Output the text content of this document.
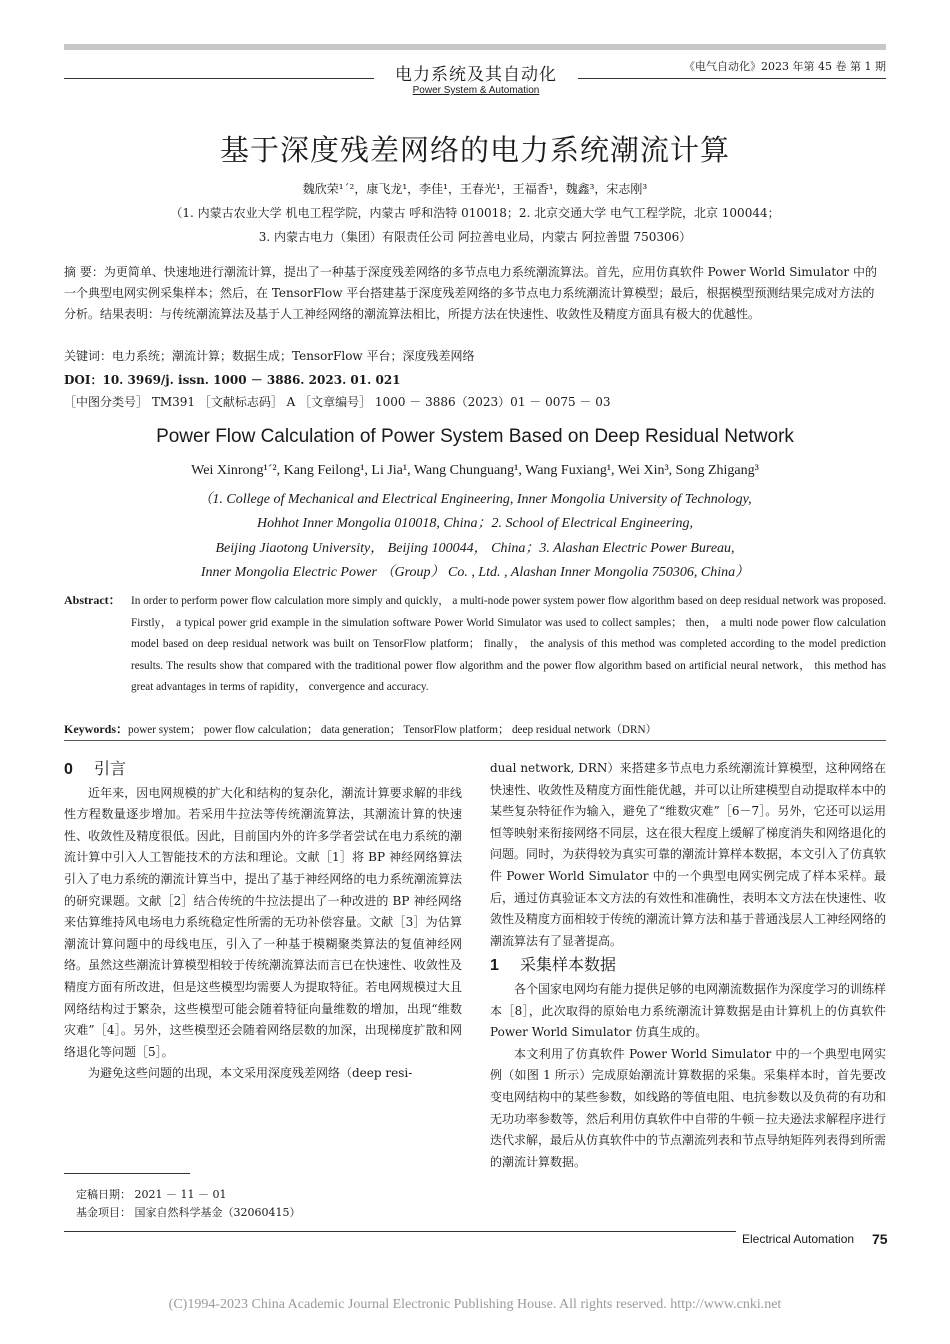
电力系统及其自动化
Power System & Automation
《电气自动化》2023 年第 45 卷 第 1 期
基于深度残差网络的电力系统潮流计算
魏欣荣¹ˊ²，康飞龙¹，李佳¹，王春光¹，王福香¹，魏鑫³，宋志刚³
（1. 内蒙古农业大学 机电工程学院，内蒙古 呼和浩特 010018；2. 北京交通大学 电气工程学院，北京 100044；
3. 内蒙古电力（集团）有限责任公司 阿拉善电业局，内蒙古 阿拉善盟 750306）
摘 要：为更简单、快速地进行潮流计算，提出了一种基于深度残差网络的多节点电力系统潮流算法。首先，应用仿真软件 Power World Simulator 中的一个典型电网实例采集样本；然后，在 TensorFlow 平台搭建基于深度残差网络的多节点电力系统潮流计算模型；最后，根据模型预测结果完成对方法的分析。结果表明：与传统潮流算法及基于人工神经网络的潮流算法相比，所提方法在快速性、收敛性及精度方面具有极大的优越性。
关键词：电力系统；潮流计算；数据生成；TensorFlow 平台；深度残差网络
DOI：10. 3969/j. issn. 1000 － 3886. 2023. 01. 021
［中图分类号］ TM391 ［文献标志码］ A ［文章编号］ 1000 － 3886（2023）01 － 0075 － 03
Power Flow Calculation of Power System Based on Deep Residual Network
Wei Xinrong¹ˊ², Kang Feilong¹, Li Jia¹, Wang Chunguang¹, Wang Fuxiang¹, Wei Xin³, Song Zhigang³
（1. College of Mechanical and Electrical Engineering, Inner Mongolia University of Technology,
Hohhot Inner Mongolia 010018, China；2. School of Electrical Engineering,
Beijing Jiaotong University， Beijing 100044， China；3. Alashan Electric Power Bureau,
Inner Mongolia Electric Power （Group） Co. , Ltd. , Alashan Inner Mongolia 750306, China）
Abstract： In order to perform power flow calculation more simply and quickly， a multi-node power system power flow algorithm based on deep residual network was proposed. Firstly， a typical power grid example in the simulation software Power World Simulator was used to collect samples； then， a multi node power flow calculation model based on deep residual network was built on TensorFlow platform； finally， the analysis of this method was completed according to the model prediction results. The results show that compared with the traditional power flow algorithm and the power flow algorithm based on artificial neural network， this method has great advantages in terms of rapidity， convergence and accuracy.
Keywords：power system； power flow calculation； data generation； TensorFlow platform； deep residual network（DRN）
0 引言
近年来，因电网规模的扩大化和结构的复杂化，潮流计算要求解的非线性方程数量逐步增加。若采用牛拉法等传统潮流算法，其潮流计算的快速性、收敛性及精度很低。因此，目前国内外的许多学者尝试在电力系统的潮流计算中引入人工智能技术的方法和理论。文献［1］将 BP 神经网络算法引入了电力系统的潮流计算当中，提出了基于神经网络的电力系统潮流算法的研究课题。文献［2］结合传统的牛拉法提出了一种改进的 BP 神经网络来估算维持风电场电力系统稳定性所需的无功补偿容量。文献［3］为估算潮流计算问题中的母线电压，引入了一种基于模糊聚类算法的复值神经网络。虽然这些潮流计算模型相较于传统潮流算法而言已在快速性、收敛性及精度方面有所改进，但是这些模型均需要人为提取特征。若电网规模过大且网络结构过于繁杂，这些模型可能会随着特征向量维数的增加，出现“维数灾难”［4］。另外，这些模型还会随着网络层数的加深，出现梯度扩散和网络退化等问题［5］。
为避免这些问题的出现，本文采用深度残差网络（deep resi-
定稿日期： 2021 － 11 － 01
基金项目： 国家自然科学基金（32060415）
dual network, DRN）来搭建多节点电力系统潮流计算模型，这种网络在快速性、收敛性及精度方面性能优越，并可以让所建模型自动提取样本中的某些复杂特征作为输入，避免了“维数灾难”［6－7］。另外，它还可以运用恒等映射来衔接网络不同层，这在很大程度上缓解了梯度消失和网络退化的问题。同时，为获得较为真实可靠的潮流计算样本数据，本文引入了仿真软件 Power World Simulator 中的一个典型电网实例完成了样本采样。最后，通过仿真验证本文方法的有效性和准确性，表明本文方法在快速性、收敛性及精度方面相较于传统的潮流计算方法和基于普通浅层人工神经网络的潮流算法有了显著提高。
1 采集样本数据
各个国家电网均有能力提供足够的电网潮流数据作为深度学习的训练样本［8］，此次取得的原始电力系统潮流计算数据是由计算机上的仿真软件 Power World Simulator 仿真生成的。
本文利用了仿真软件 Power World Simulator 中的一个典型电网实例（如图 1 所示）完成原始潮流计算数据的采集。采集样本时，首先要改变电网结构中的某些参数，如线路的等值电阻、电抗参数以及负荷的有功和无功功率参数等，然后利用仿真软件中自带的牛顿－拉夫逊法求解程序进行迭代求解，最后从仿真软件中的节点潮流列表和节点导纳矩阵列表得到所需的潮流计算数据。
Electrical Automation 75
(C)1994-2023 China Academic Journal Electronic Publishing House. All rights reserved. http://www.cnki.net
